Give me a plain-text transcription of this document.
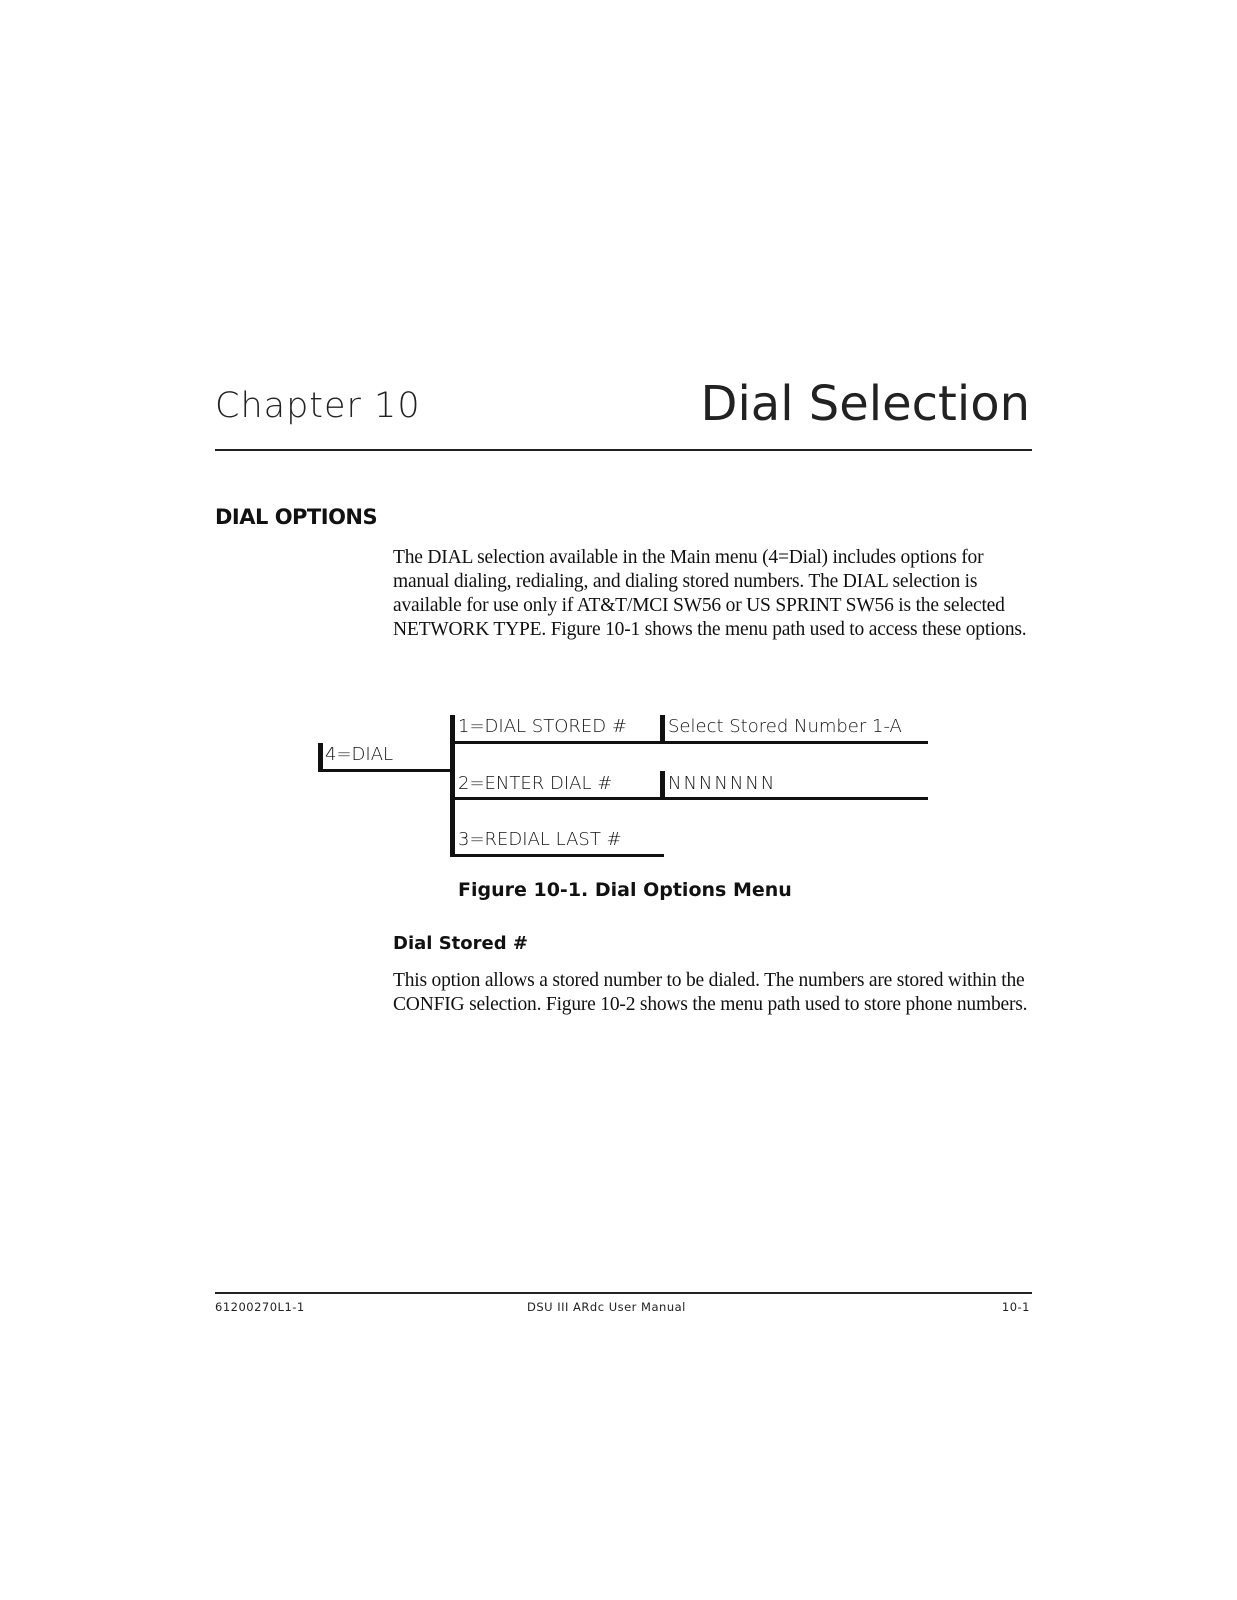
Chapter 10	Dial Selection
DIAL OPTIONS
The DIAL selection available in the Main menu (4=Dial) includes options for manual dialing, redialing, and dialing stored numbers. The DIAL selection is available for use only if AT&T/MCI SW56 or US SPRINT SW56 is the selected NETWORK TYPE. Figure 10-1 shows the menu path used to access these options.
4=DIAL
1=DIAL STORED # Select Stored Number 1-A
2=ENTER DIAL #	NNNNNNN
3=REDIAL LAST #
Figure 10-1. Dial Options Menu
Dial Stored #
This option allows a stored number to be dialed. The numbers are stored within the CONFIG selection. Figure 10-2 shows the menu path used to store phone numbers.
61200270L1-1	DSU III ARdc User Manual	10-1
